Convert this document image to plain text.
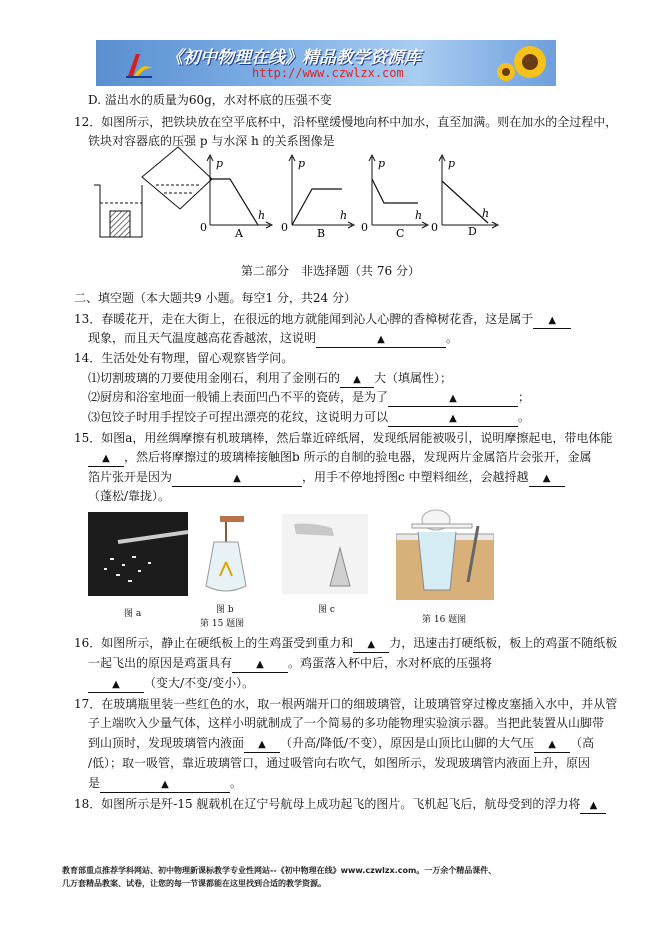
《初中物理在线》精品教学资源库
http://www.czwlzx.com
D. 溢出水的质量为60g，水对杯底的压强不变
12．如图所示，把铁块放在空平底杯中，沿杯壁缓慢地向杯中加水，直至加满。则在加水的全过程中，
铁块对容器底的压强 p 与水深 h 的关系图像是
p
h
0	A
p
h
0	B
p
h
0	C
p
h
0	D
第二部分　非选择题（共 76 分）
二、填空题（本大题共9 小题。每空1 分，共24 分）
13．春暖花开，走在大街上，在很远的地方就能闻到沁人心脾的香樟树花香，这是属于 ▲
现象，而且天气温度越高花香越浓，这说明	▲	。
14．生活处处有物理，留心观察皆学问。
⑴切割玻璃的刀要使用金刚石，利用了金刚石的 ▲ 大（填属性）；
⑵厨房和浴室地面一般铺上表面凹凸不平的瓷砖，是为了	▲	；
⑶包饺子时用手捏饺子可捏出漂亮的花纹，这说明力可以	▲	。
15．如图a，用丝绸摩擦有机玻璃棒，然后靠近碎纸屑，发现纸屑能被吸引，说明摩擦起电，带电体能
▲ ，然后将摩擦过的玻璃棒接触图b 所示的自制的验电器，发现两片金属箔片会张开，金属
箔片张开是因为	▲	，用手不停地捋图c 中塑料细丝，会越捋越 ▲
（蓬松/靠拢）。
图 a	图 b	图 c
第 16 题图
第 15 题图
16．如图所示，静止在硬纸板上的生鸡蛋受到重力和 ▲ 力，迅速击打硬纸板，板上的鸡蛋不随纸板
一起飞出的原因是鸡蛋具有 ▲ 。鸡蛋落入杯中后，水对杯底的压强将
▲ （变大/不变/变小）。
17．在玻璃瓶里装一些红色的水，取一根两端开口的细玻璃管，让玻璃管穿过橡皮塞插入水中，并从管
子上端吹入少量气体，这样小明就制成了一个简易的多功能物理实验演示器。当把此装置从山脚带
到山顶时，发现玻璃管内液面 ▲ （升高/降低/不变），原因是山顶比山脚的大气压 ▲ （高
/低）；取一吸管，靠近玻璃管口，通过吸管向右吹气，如图所示，发现玻璃管内液面上升，原因
是	▲	。
18．如图所示是歼-15 舰载机在辽宁号航母上成功起飞的图片。飞机起飞后，航母受到的浮力将 ▲
教育部重点推荐学科网站、初中物理新课标教学专业性网站--《初中物理在线》www.czwlzx.com。一万余个精品课件、
几万套精品教案、试卷，让您的每一节课都能在这里找到合适的教学资源。
